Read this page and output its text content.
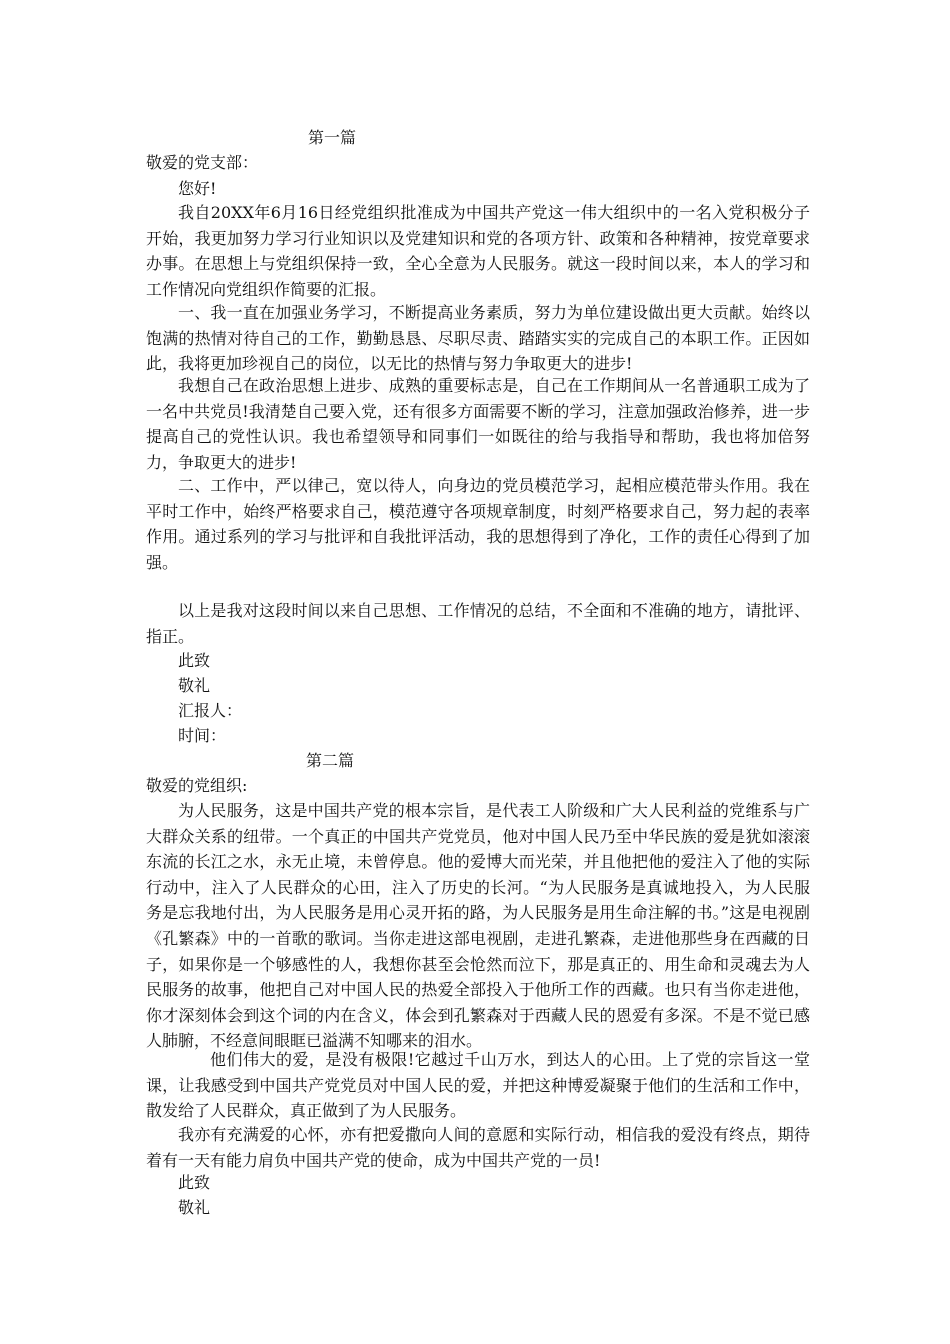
第一篇
敬爱的党支部：
您好!

我自20XX年6月16日经党组织批准成为中国共产党这一伟大组织中的一名入党积极分子开始，我更加努力学习行业知识以及党建知识和党的各项方针、政策和各种精神，按党章要求办事。在思想上与党组织保持一致，全心全意为人民服务。就这一段时间以来，本人的学习和工作情况向党组织作简要的汇报。

一、我一直在加强业务学习，不断提高业务素质，努力为单位建设做出更大贡献。始终以饱满的热情对待自己的工作，勤勤恳恳、尽职尽责、踏踏实实的完成自己的本职工作。正因如此，我将更加珍视自己的岗位，以无比的热情与努力争取更大的进步!

我想自己在政治思想上进步、成熟的重要标志是，自己在工作期间从一名普通职工成为了一名中共党员!我清楚自己要入党，还有很多方面需要不断的学习，注意加强政治修养，进一步提高自己的党性认识。我也希望领导和同事们一如既往的给与我指导和帮助，我也将加倍努力，争取更大的进步!

二、工作中，严以律己，宽以待人，向身边的党员模范学习，起相应模范带头作用。我在平时工作中，始终严格要求自己，模范遵守各项规章制度，时刻严格要求自己，努力起的表率作用。通过系列的学习与批评和自我批评活动，我的思想得到了净化，工作的责任心得到了加强。

以上是我对这段时间以来自己思想、工作情况的总结，不全面和不准确的地方，请批评、指正。

此致
敬礼
汇报人：
时间：
第二篇
敬爱的党组织:

为人民服务，这是中国共产党的根本宗旨，是代表工人阶级和广大人民利益的党维系与广大群众关系的纽带。一个真正的中国共产党党员，他对中国人民乃至中华民族的爱是犹如滚滚东流的长江之水，永无止境，未曾停息。他的爱博大而光荣，并且他把他的爱注入了他的实际行动中，注入了人民群众的心田，注入了历史的长河。“为人民服务是真诚地投入，为人民服务是忘我地付出，为人民服务是用心灵开拓的路，为人民服务是用生命注解的书。”这是电视剧《孔繁森》中的一首歌的歌词。当你走进这部电视剧，走进孔繁森，走进他那些身在西藏的日子，如果你是一个够感性的人，我想你甚至会怆然而泣下，那是真正的、用生命和灵魂去为人民服务的故事，他把自己对中国人民的热爱全部投入于他所工作的西藏。也只有当你走进他，你才深刻体会到这个词的内在含义，体会到孔繁森对于西藏人民的恩爱有多深。不是不觉已感人肺腑，不经意间眼眶已溢满不知哪来的泪水。

他们伟大的爱，是没有极限!它越过千山万水，到达人的心田。上了党的宗旨这一堂课，让我感受到中国共产党党员对中国人民的爱，并把这种博爱凝聚于他们的生活和工作中，散发给了人民群众，真正做到了为人民服务。

我亦有充满爱的心怀，亦有把爱撒向人间的意愿和实际行动，相信我的爱没有终点，期待着有一天有能力肩负中国共产党的使命，成为中国共产党的一员!

此致
敬礼
